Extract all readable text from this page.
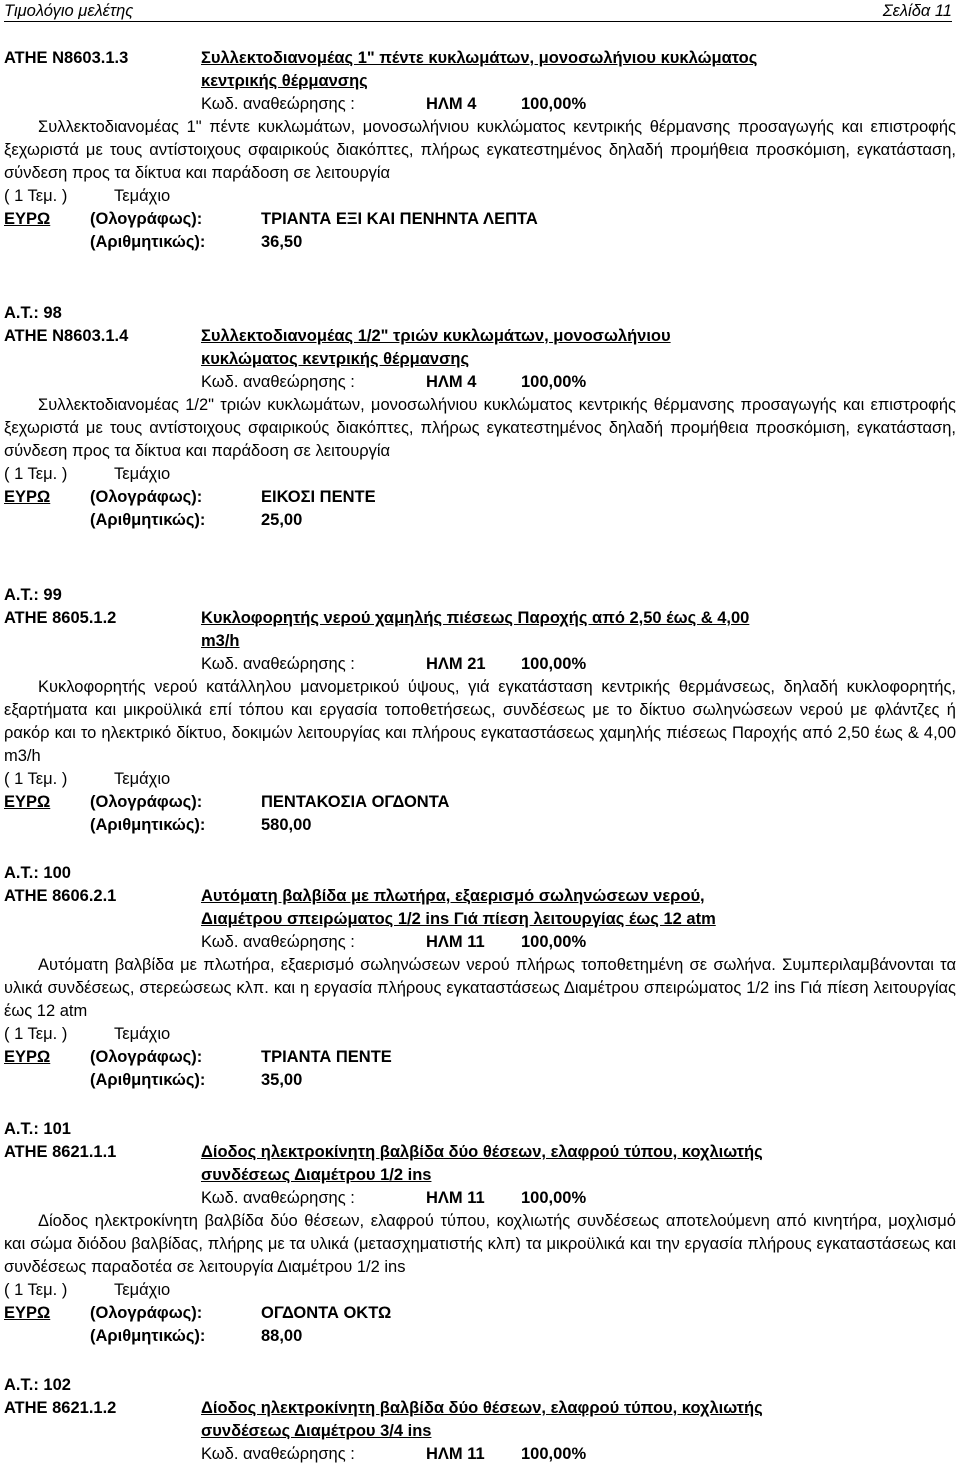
Τιμολόγιο μελέτης	Σελίδα 11
ΑΤΗΕ Ν8603.1.3	Συλλεκτοδιανομέας 1" πέντε κυκλωμάτων, μονοσωλήνιου κυκλώματος
κεντρικής θέρμανσης
Κωδ. αναθεώρησης :	ΗΛΜ 4	100,00%
Συλλεκτοδιανομέας 1" πέντε κυκλωμάτων, μονοσωλήνιου κυκλώματος κεντρικής θέρμανσης προσαγωγής και επιστροφής ξεχωριστά με τους αντίστοιχους σφαιρικούς διακόπτες, πλήρως εγκατεστημένος δηλαδή προμήθεια προσκόμιση, εγκατάσταση, σύνδεση προς τα δίκτυα και παράδοση σε λειτουργία
( 1 Τεμ. )	Τεμάχιο
ΕΥΡΩ (Ολογράφως):	ΤΡΙΑΝΤΑ ΕΞΙ ΚΑΙ ΠΕΝΗΝΤΑ ΛΕΠΤΑ
(Αριθμητικώς):	36,50
Α.Τ.: 98
ΑΤΗΕ Ν8603.1.4	Συλλεκτοδιανομέας 1/2" τριών κυκλωμάτων, μονοσωλήνιου
κυκλώματος κεντρικής θέρμανσης
Κωδ. αναθεώρησης :	ΗΛΜ 4	100,00%
Συλλεκτοδιανομέας 1/2" τριών κυκλωμάτων, μονοσωλήνιου κυκλώματος κεντρικής θέρμανσης προσαγωγής και επιστροφής ξεχωριστά με τους αντίστοιχους σφαιρικούς διακόπτες, πλήρως εγκατεστημένος δηλαδή προμήθεια προσκόμιση, εγκατάσταση, σύνδεση προς τα δίκτυα και παράδοση σε λειτουργία
( 1 Τεμ. )	Τεμάχιο
ΕΥΡΩ (Ολογράφως):	ΕΙΚΟΣΙ ΠΕΝΤΕ
(Αριθμητικώς):	25,00
Α.Τ.: 99
ΑΤΗΕ 8605.1.2	Κυκλοφορητής νερού χαμηλής πιέσεως Παροχής από 2,50 έως & 4,00
m3/h
Κωδ. αναθεώρησης :	ΗΛΜ 21 100,00%
Κυκλοφορητής νερού κατάλληλου μανομετρικού ύψους, γιά εγκατάσταση κεντρικής θερμάνσεως, δηλαδή κυκλοφορητής, εξαρτήματα και μικροϋλικά επί τόπου και εργασία τοποθετήσεως, συνδέσεως με το δίκτυο σωληνώσεων νερού με φλάντζες ή ρακόρ και το ηλεκτρικό δίκτυο, δοκιμών λειτουργίας και πλήρους εγκαταστάσεως χαμηλής πιέσεως Παροχής από 2,50 έως & 4,00 m3/h
( 1 Τεμ. )	Τεμάχιο
ΕΥΡΩ (Ολογράφως):	ΠΕΝΤΑΚΟΣΙΑ ΟΓΔΟΝΤΑ
(Αριθμητικώς):	580,00
Α.Τ.: 100
ΑΤΗΕ 8606.2.1	Αυτόματη βαλβίδα με πλωτήρα, εξαερισμό σωληνώσεων νερού,
Διαμέτρου σπειρώματος 1/2 ins Γιά πίεση λειτουργίας έως 12 atm
Κωδ. αναθεώρησης :	ΗΛΜ 11 100,00%
Αυτόματη βαλβίδα με πλωτήρα, εξαερισμό σωληνώσεων νερού πλήρως τοποθετημένη σε σωλήνα. Συμπεριλαμβάνονται τα υλικά συνδέσεως, στερεώσεως κλπ. και η εργασία πλήρους εγκαταστάσεως Διαμέτρου σπειρώματος 1/2 ins Γιά πίεση λειτουργίας έως 12 atm
( 1 Τεμ. )	Τεμάχιο
ΕΥΡΩ (Ολογράφως):	ΤΡΙΑΝΤΑ ΠΕΝΤΕ
(Αριθμητικώς):	35,00
Α.Τ.: 101
ΑΤΗΕ 8621.1.1	Δίοδος ηλεκτροκίνητη βαλβίδα δύο θέσεων, ελαφρού τύπου, κοχλιωτής
συνδέσεως Διαμέτρου 1/2 ins
Κωδ. αναθεώρησης :	ΗΛΜ 11 100,00%
Δίοδος ηλεκτροκίνητη βαλβίδα δύο θέσεων, ελαφρού τύπου, κοχλιωτής συνδέσεως αποτελούμενη από κινητήρα, μοχλισμό και σώμα διόδου βαλβίδας, πλήρης με τα υλικά (μετασχηματιστής κλπ) τα μικροϋλικά και την εργασία πλήρους εγκαταστάσεως και συνδέσεως παραδοτέα σε λειτουργία Διαμέτρου 1/2 ins
( 1 Τεμ. )	Τεμάχιο
ΕΥΡΩ (Ολογράφως):	ΟΓΔΟΝΤΑ ΟΚΤΩ
(Αριθμητικώς):	88,00
Α.Τ.: 102
ΑΤΗΕ 8621.1.2	Δίοδος ηλεκτροκίνητη βαλβίδα δύο θέσεων, ελαφρού τύπου, κοχλιωτής
συνδέσεως Διαμέτρου 3/4 ins
Κωδ. αναθεώρησης :	ΗΛΜ 11 100,00%
